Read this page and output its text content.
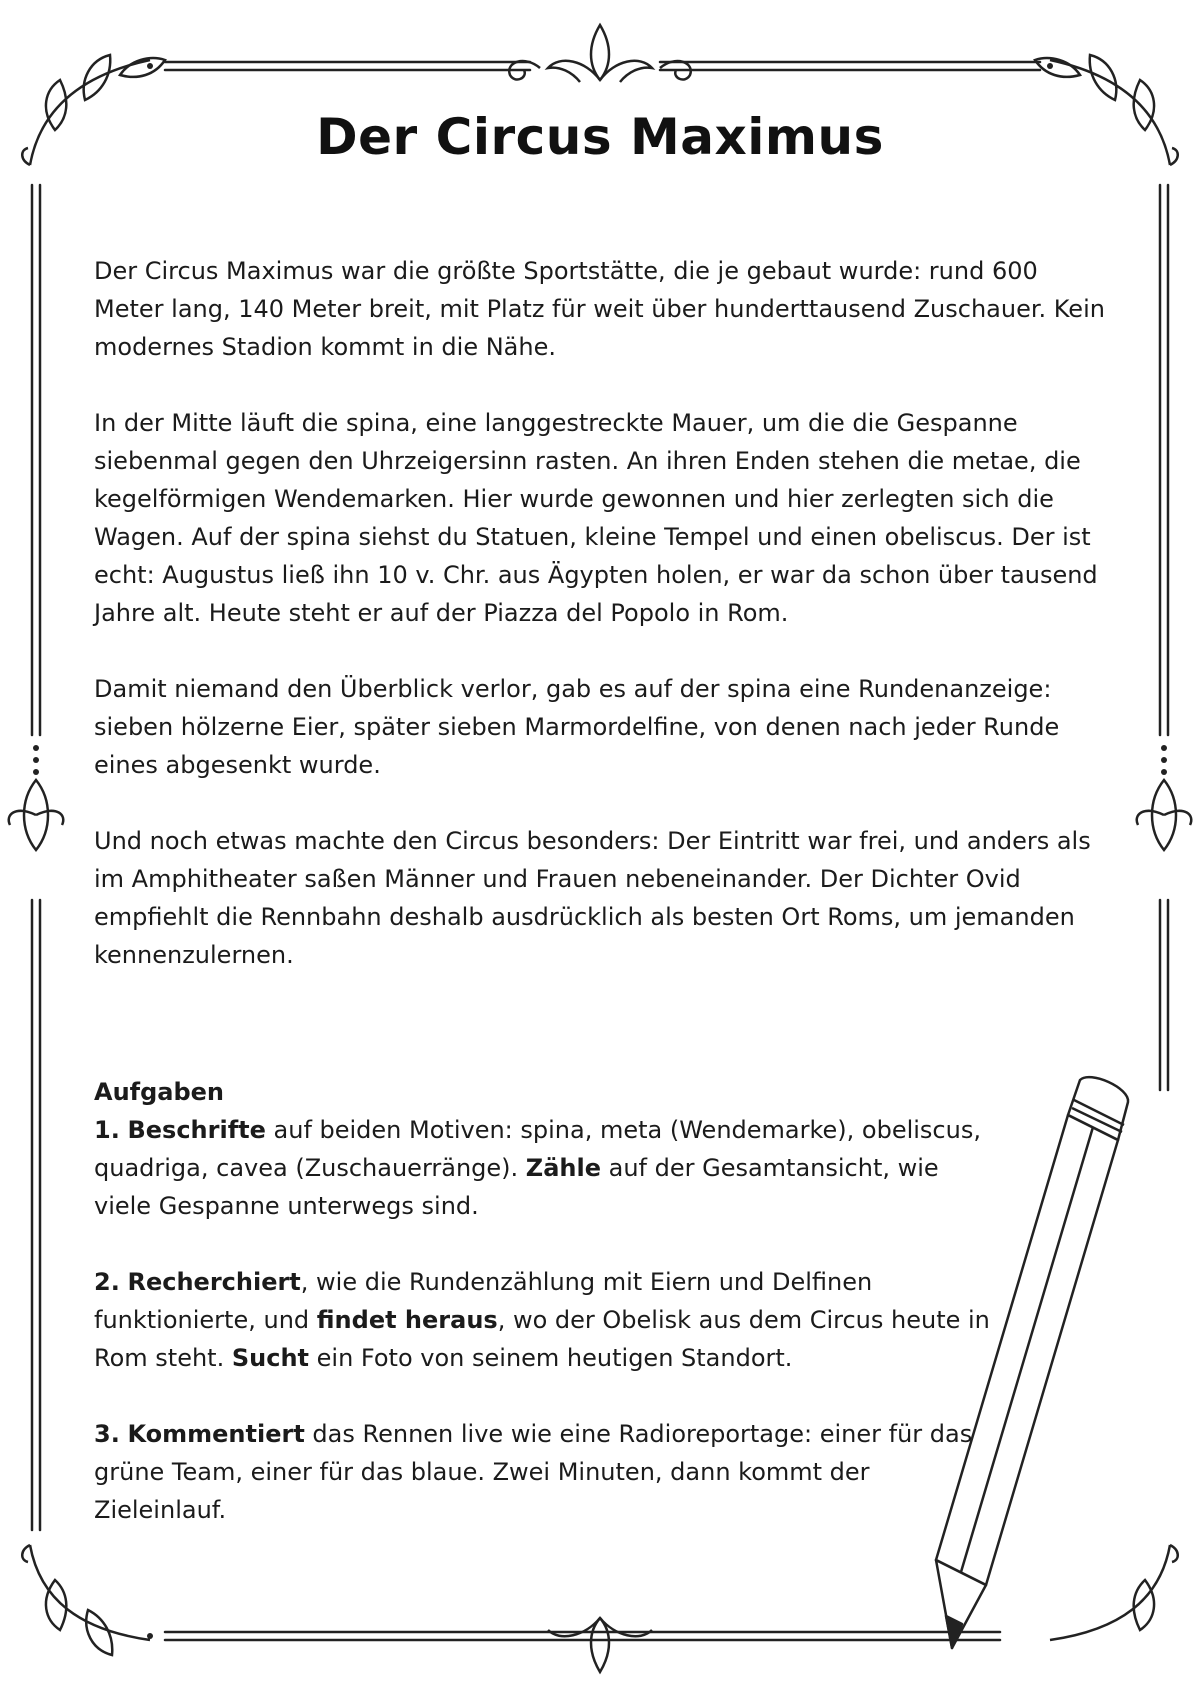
Der Circus Maximus

Der Circus Maximus war die größte Sportstätte, die je gebaut wurde: rund 600 Meter lang, 140 Meter breit, mit Platz für weit über hunderttausend Zuschauer. Kein modernes Stadion kommt in die Nähe.

In der Mitte läuft die spina, eine langgestreckte Mauer, um die die Gespanne siebenmal gegen den Uhrzeigersinn rasten. An ihren Enden stehen die metae, die kegelförmigen Wendemarken. Hier wurde gewonnen und hier zerlegten sich die Wagen. Auf der spina siehst du Statuen, kleine Tempel und einen obeliscus. Der ist echt: Augustus ließ ihn 10 v. Chr. aus Ägypten holen, er war da schon über tausend Jahre alt. Heute steht er auf der Piazza del Popolo in Rom.

Damit niemand den Überblick verlor, gab es auf der spina eine Rundenanzeige: sieben hölzerne Eier, später sieben Marmordelfine, von denen nach jeder Runde eines abgesenkt wurde.

Und noch etwas machte den Circus besonders: Der Eintritt war frei, und anders als im Amphitheater saßen Männer und Frauen nebeneinander. Der Dichter Ovid empfiehlt die Rennbahn deshalb ausdrücklich als besten Ort Roms, um jemanden kennenzulernen.

Aufgaben

1. Beschrifte auf beiden Motiven: spina, meta (Wendemarke), obeliscus, quadriga, cavea (Zuschauerränge). Zähle auf der Gesamtansicht, wie viele Gespanne unterwegs sind.

2. Recherchiert, wie die Rundenzählung mit Eiern und Delfinen funktionierte, und findet heraus, wo der Obelisk aus dem Circus heute in Rom steht. Sucht ein Foto von seinem heutigen Standort.

3. Kommentiert das Rennen live wie eine Radioreportage: einer für das grüne Team, einer für das blaue. Zwei Minuten, dann kommt der Zieleinlauf.
